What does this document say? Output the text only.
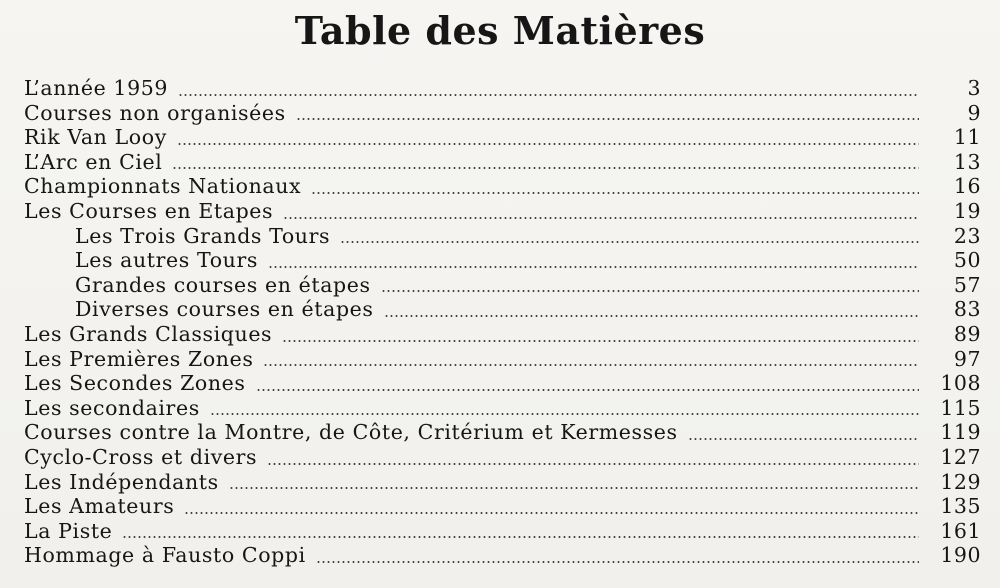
Table des Matières
L’année 1959	3
Courses non organisées	9
Rik Van Looy	11
L’Arc en Ciel	13
Championnats Nationaux	16
Les Courses en Etapes	19
Les Trois Grands Tours	23
Les autres Tours	50
Grandes courses en étapes	57
Diverses courses en étapes	83
Les Grands Classiques	89
Les Premières Zones	97
Les Secondes Zones	108
Les secondaires	115
Courses contre la Montre, de Côte, Critérium et Kermesses	119
Cyclo-Cross et divers	127
Les Indépendants	129
Les Amateurs	135
La Piste	161
Hommage à Fausto Coppi	190
